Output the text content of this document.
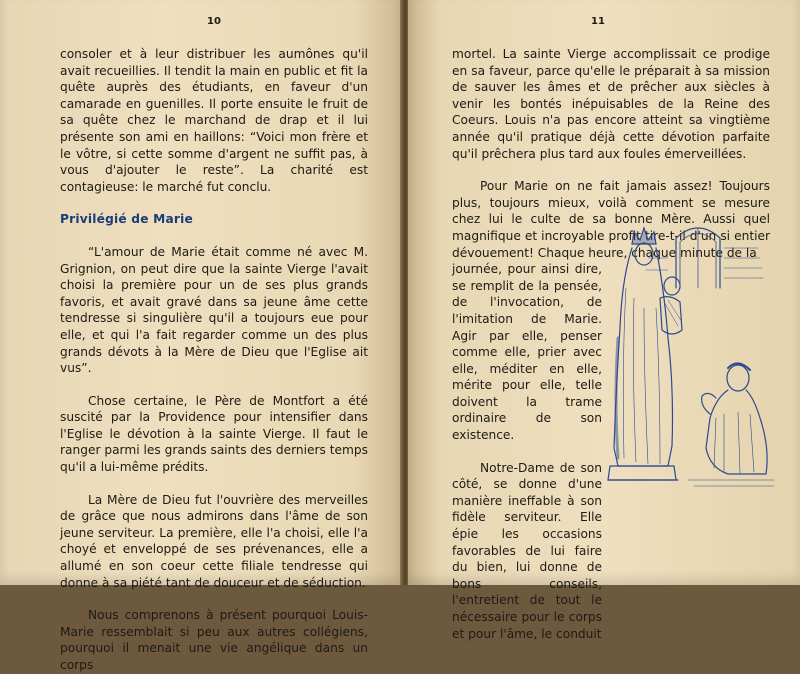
10

consoler et à leur distribuer les aumônes qu'il avait recueillies. Il tendit la main en public et fit la quête auprès des étudiants, en faveur d'un camarade en guenilles. Il porte ensuite le fruit de sa quête chez le marchand de drap et il lui présente son ami en haillons: “Voici mon frère et le vôtre, si cette somme d'argent ne suffit pas, à vous d'ajouter le reste”. La charité est contagieuse: le marché fut conclu.

Privilégié de Marie

“L'amour de Marie était comme né avec M. Grignion, on peut dire que la sainte Vierge l'avait choisi la première pour un de ses plus grands favoris, et avait gravé dans sa jeune âme cette tendresse si singulière qu'il a toujours eue pour elle, et qui l'a fait regarder comme un des plus grands dévots à la Mère de Dieu que l'Eglise ait vus”.

Chose certaine, le Père de Montfort a été suscité par la Providence pour intensifier dans l'Eglise le dévotion à la sainte Vierge. Il faut le ranger parmi les grands saints des derniers temps qu'il a lui-même prédits.

La Mère de Dieu fut l'ouvrière des merveilles de grâce que nous admirons dans l'âme de son jeune serviteur. La première, elle l'a choisi, elle l'a choyé et enveloppé de ses prévenances, elle a allumé en son coeur cette filiale tendresse qui donne à sa piété tant de douceur et de séduction.

Nous comprenons à présent pourquoi Louis-Marie ressemblait si peu aux autres collégiens, pourquoi il menait une vie angélique dans un corps

11

mortel. La sainte Vierge accomplissait ce prodige en sa faveur, parce qu'elle le préparait à sa mission de sauver les âmes et de prêcher aux siècles à venir les bontés inépuisables de la Reine des Coeurs. Louis n'a pas encore atteint sa vingtième année qu'il pratique déjà cette dévotion parfaite qu'il prêchera plus tard aux foules émerveillées.

Pour Marie on ne fait jamais assez! Toujours plus, toujours mieux, voilà comment se mesure chez lui le culte de sa bonne Mère. Aussi quel magnifique et incroyable profit tire-t-il d'un si entier dévouement! Chaque heure, chaque minute de la

journée, pour ainsi dire, se remplit de la pensée, de l'invocation, de l'imitation de Marie. Agir par elle, penser comme elle, prier avec elle, méditer en elle, mérite pour elle, telle doivent la trame ordinaire de son existence.

Notre-Dame de son côté, se donne d'une manière ineffable à son fidèle serviteur. Elle épie les occasions favorables de lui faire du bien, lui donne de bons conseils, l'entretient de tout le nécessaire pour le corps et pour l'âme, le conduit
